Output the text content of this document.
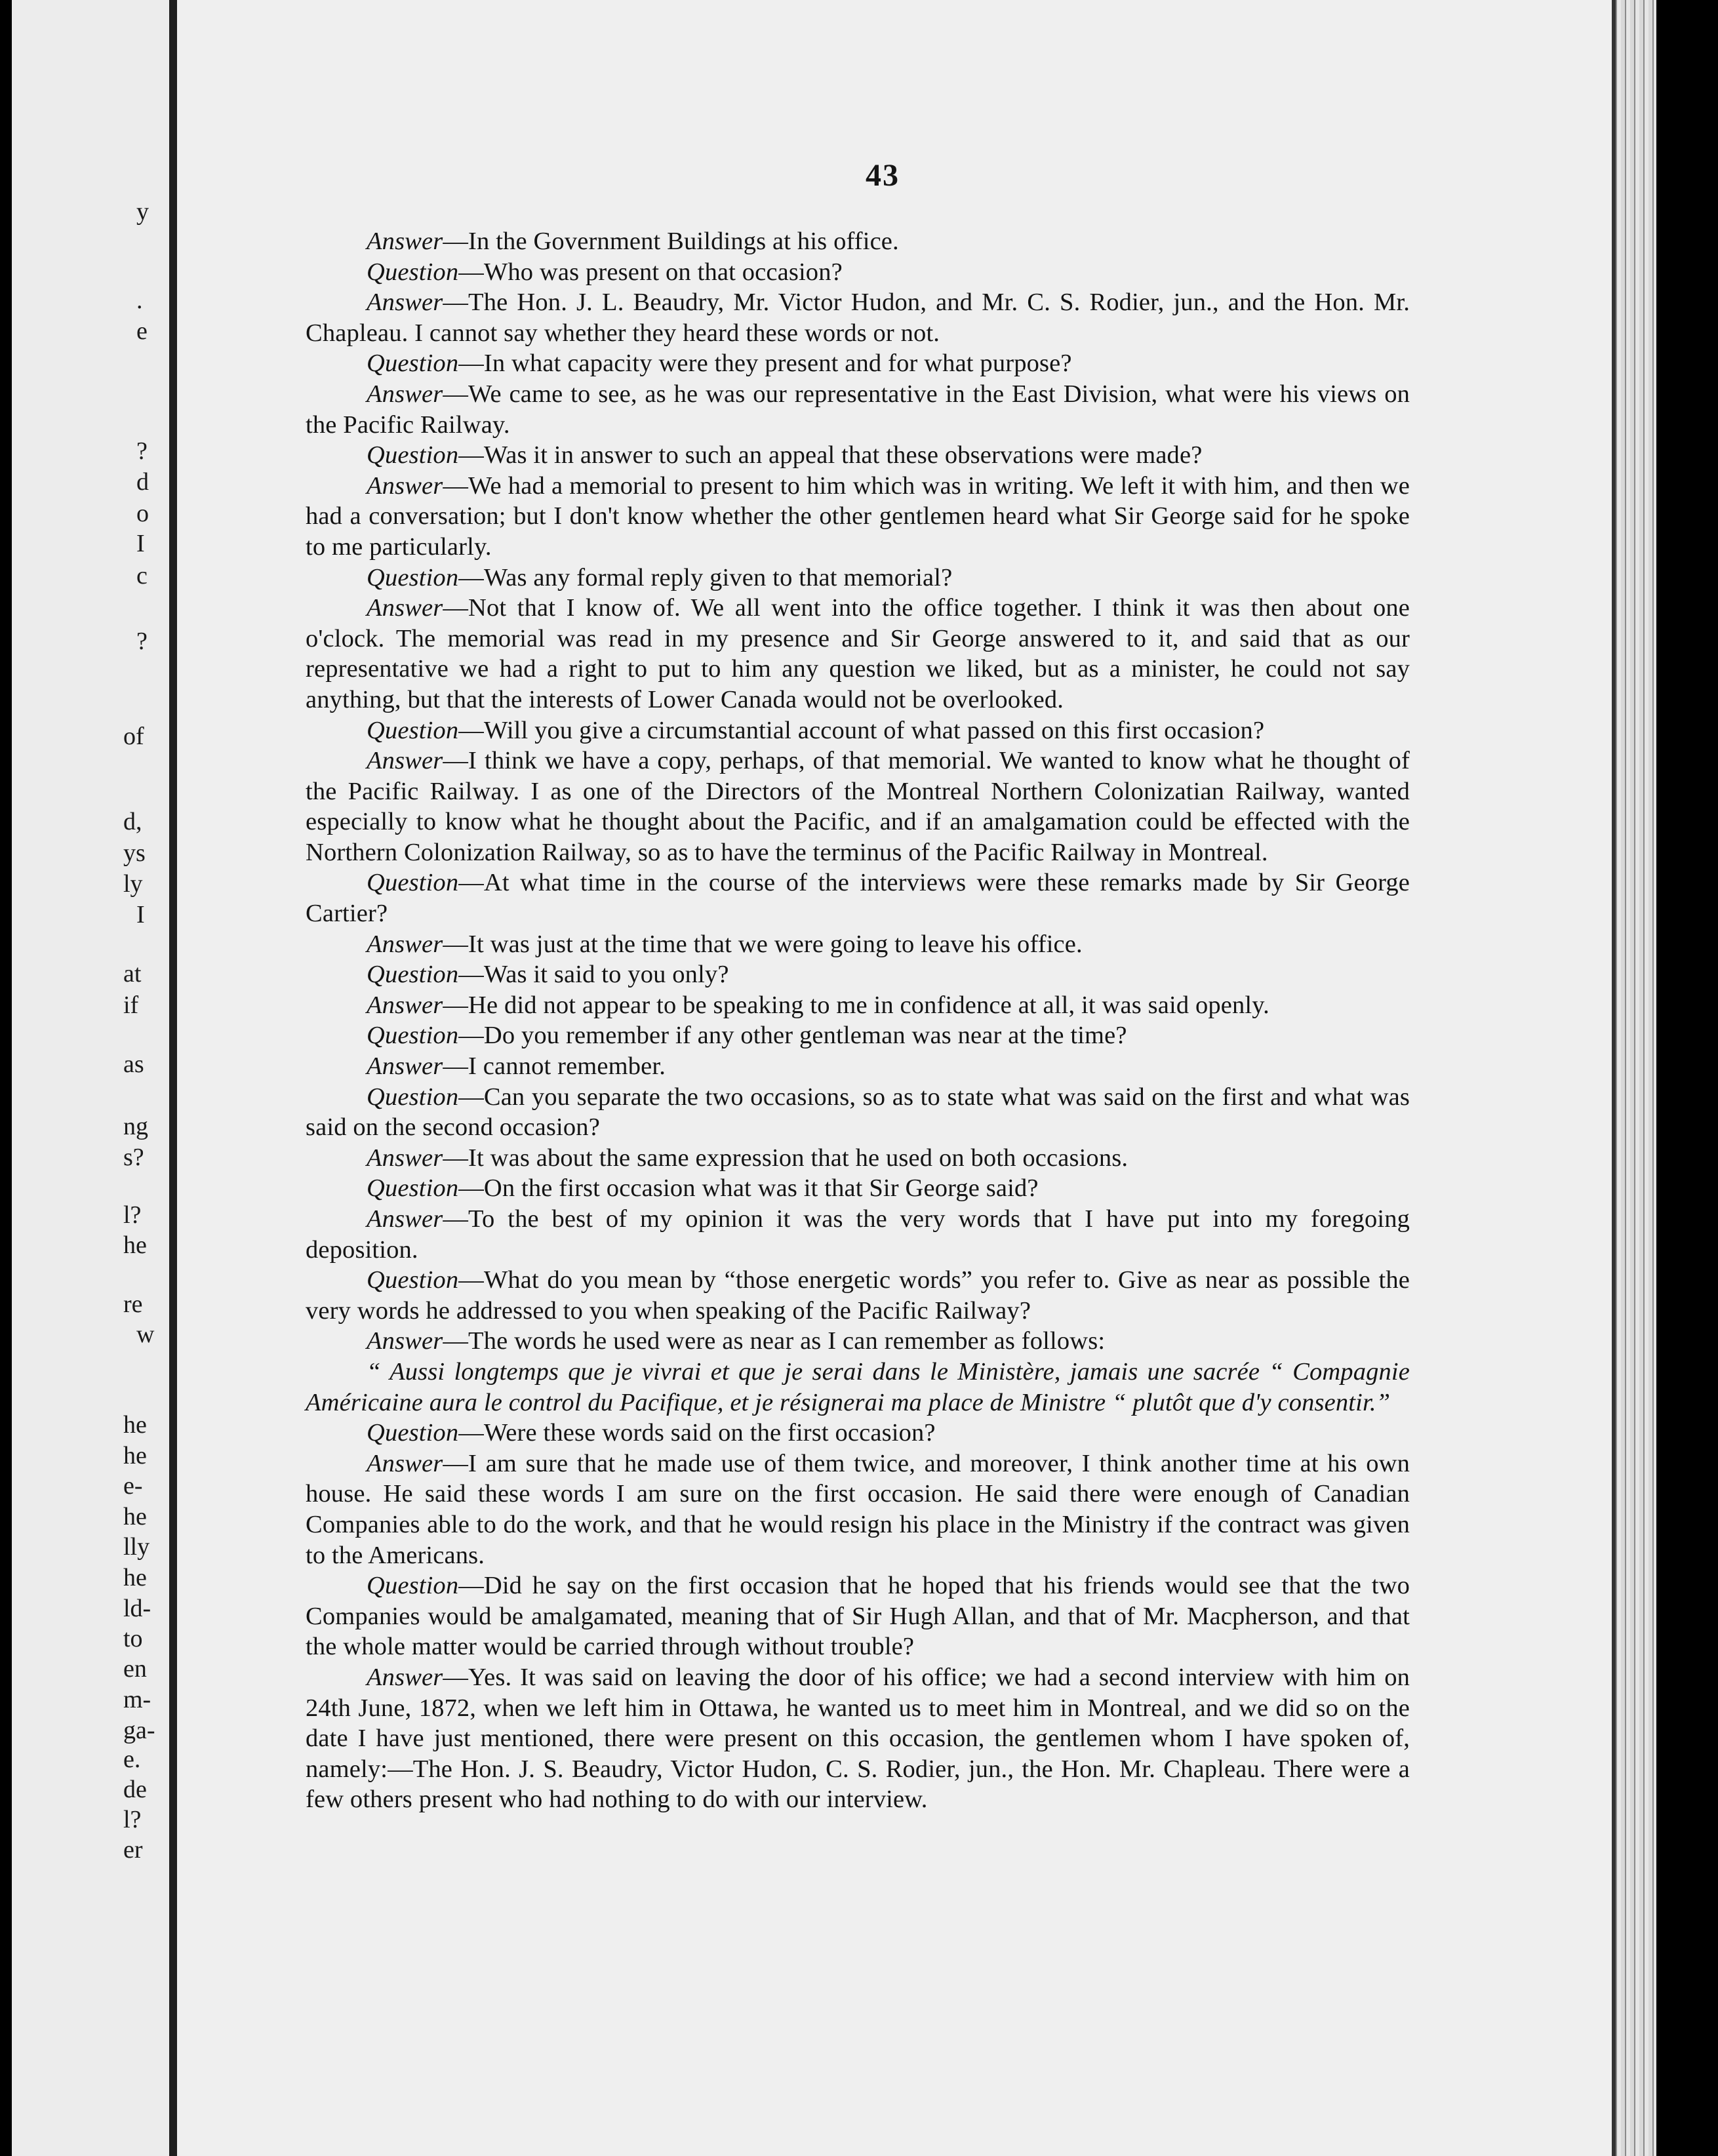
y
.
e
?
d
o
I
c
?
of
d,
ys
ly
I
at
if
as
ng
s?
l?
he
re
w
he
he
e-
he
lly
he
ld-
to
en
m-
ga-
e.
de
l?
er
43

Answer—In the Government Buildings at his office.

Question—Who was present on that occasion?

Answer—The Hon. J. L. Beaudry, Mr. Victor Hudon, and Mr. C. S. Rodier, jun., and the Hon. Mr. Chapleau. I cannot say whether they heard these words or not.

Question—In what capacity were they present and for what purpose?

Answer—We came to see, as he was our representative in the East Division, what were his views on the Pacific Railway.

Question—Was it in answer to such an appeal that these observations were made?

Answer—We had a memorial to present to him which was in writing. We left it with him, and then we had a conversation; but I don't know whether the other gentlemen heard what Sir George said for he spoke to me particularly.

Question—Was any formal reply given to that memorial?

Answer—Not that I know of. We all went into the office together. I think it was then about one o'clock. The memorial was read in my presence and Sir George answered to it, and said that as our representative we had a right to put to him any question we liked, but as a minister, he could not say anything, but that the interests of Lower Canada would not be overlooked.

Question—Will you give a circumstantial account of what passed on this first occasion?

Answer—I think we have a copy, perhaps, of that memorial. We wanted to know what he thought of the Pacific Railway. I as one of the Directors of the Montreal Northern Colonizatian Railway, wanted especially to know what he thought about the Pacific, and if an amalgamation could be effected with the Northern Colonization Railway, so as to have the terminus of the Pacific Railway in Montreal.

Question—At what time in the course of the interviews were these remarks made by Sir George Cartier?

Answer—It was just at the time that we were going to leave his office.

Question—Was it said to you only?

Answer—He did not appear to be speaking to me in confidence at all, it was said openly.

Question—Do you remember if any other gentleman was near at the time?

Answer—I cannot remember.

Question—Can you separate the two occasions, so as to state what was said on the first and what was said on the second occasion?

Answer—It was about the same expression that he used on both occasions.

Question—On the first occasion what was it that Sir George said?

Answer—To the best of my opinion it was the very words that I have put into my foregoing deposition.

Question—What do you mean by “those energetic words” you refer to. Give as near as possible the very words he addressed to you when speaking of the Pacific Railway?

Answer—The words he used were as near as I can remember as follows:

“ Aussi longtemps que je vivrai et que je serai dans le Ministère, jamais une sacrée “ Compagnie Américaine aura le control du Pacifique, et je résignerai ma place de Ministre “ plutôt que d'y consentir.”

Question—Were these words said on the first occasion?

Answer—I am sure that he made use of them twice, and moreover, I think another time at his own house. He said these words I am sure on the first occasion. He said there were enough of Canadian Companies able to do the work, and that he would resign his place in the Ministry if the contract was given to the Americans.

Question—Did he say on the first occasion that he hoped that his friends would see that the two Companies would be amalgamated, meaning that of Sir Hugh Allan, and that of Mr. Macpherson, and that the whole matter would be carried through without trouble?

Answer—Yes. It was said on leaving the door of his office; we had a second interview with him on 24th June, 1872, when we left him in Ottawa, he wanted us to meet him in Montreal, and we did so on the date I have just mentioned, there were present on this occasion, the gentlemen whom I have spoken of, namely:—The Hon. J. S. Beaudry, Victor Hudon, C. S. Rodier, jun., the Hon. Mr. Chapleau. There were a few others present who had nothing to do with our interview.
